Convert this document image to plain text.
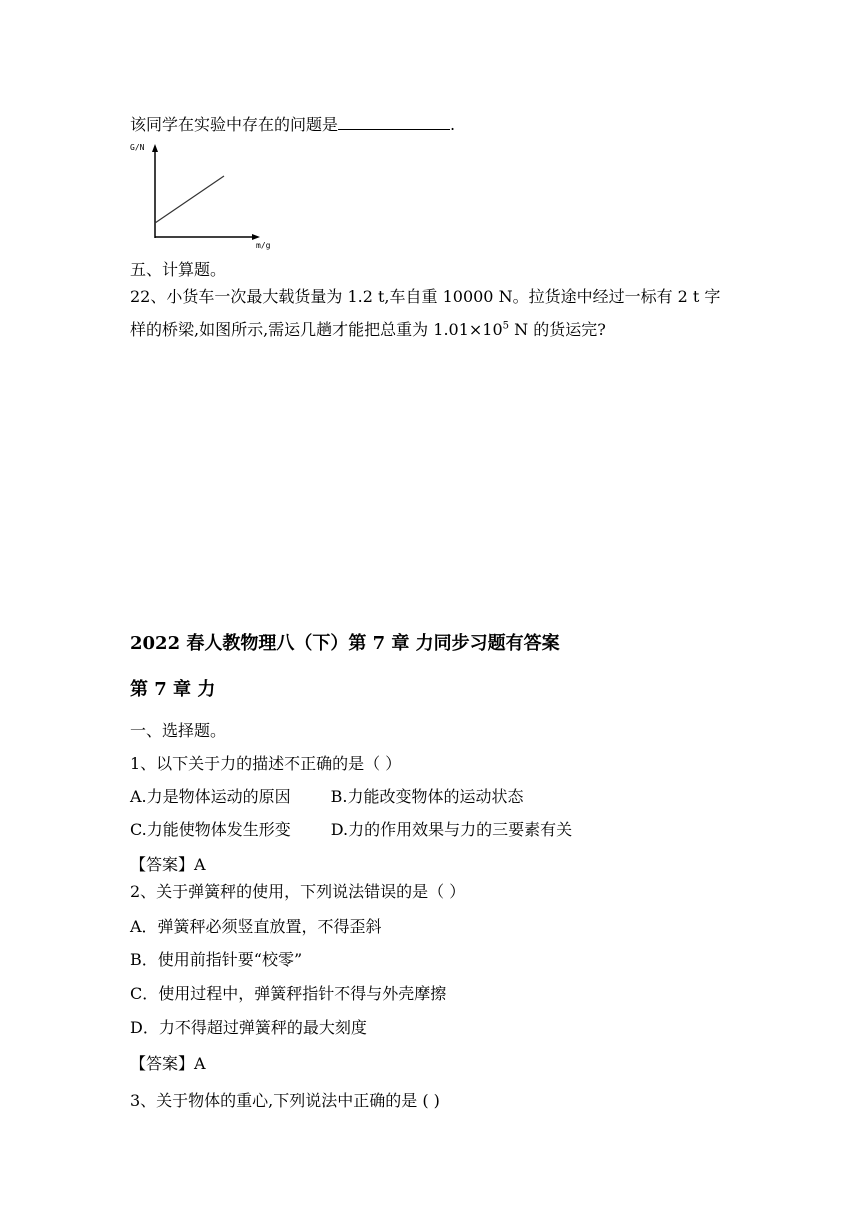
该同学在实验中存在的问题是	.
G/N
m/g
五、计算题。
22、小货车一次最大载货量为 1.2 t,车自重 10000 N。拉货途中经过一标有 2 t 字
样的桥梁,如图所示,需运几趟才能把总重为 $1.01\times 10^5$ N 的货运完?
2022 春人教物理八（下）第 7 章 力同步习题有答案
第 7 章 力
一、选择题。
1、以下关于力的描述不正确的是（ ）
A.力是物体运动的原因	B.力能改变物体的运动状态
C.力能使物体发生形变	D.力的作用效果与力的三要素有关
【答案】A
2、关于弹簧秤的使用，下列说法错误的是（ ）
A．弹簧秤必须竖直放置，不得歪斜
B．使用前指针要“校零”
C．使用过程中，弹簧秤指针不得与外壳摩擦
D．力不得超过弹簧秤的最大刻度
【答案】A
3、关于物体的重心,下列说法中正确的是 ( )
